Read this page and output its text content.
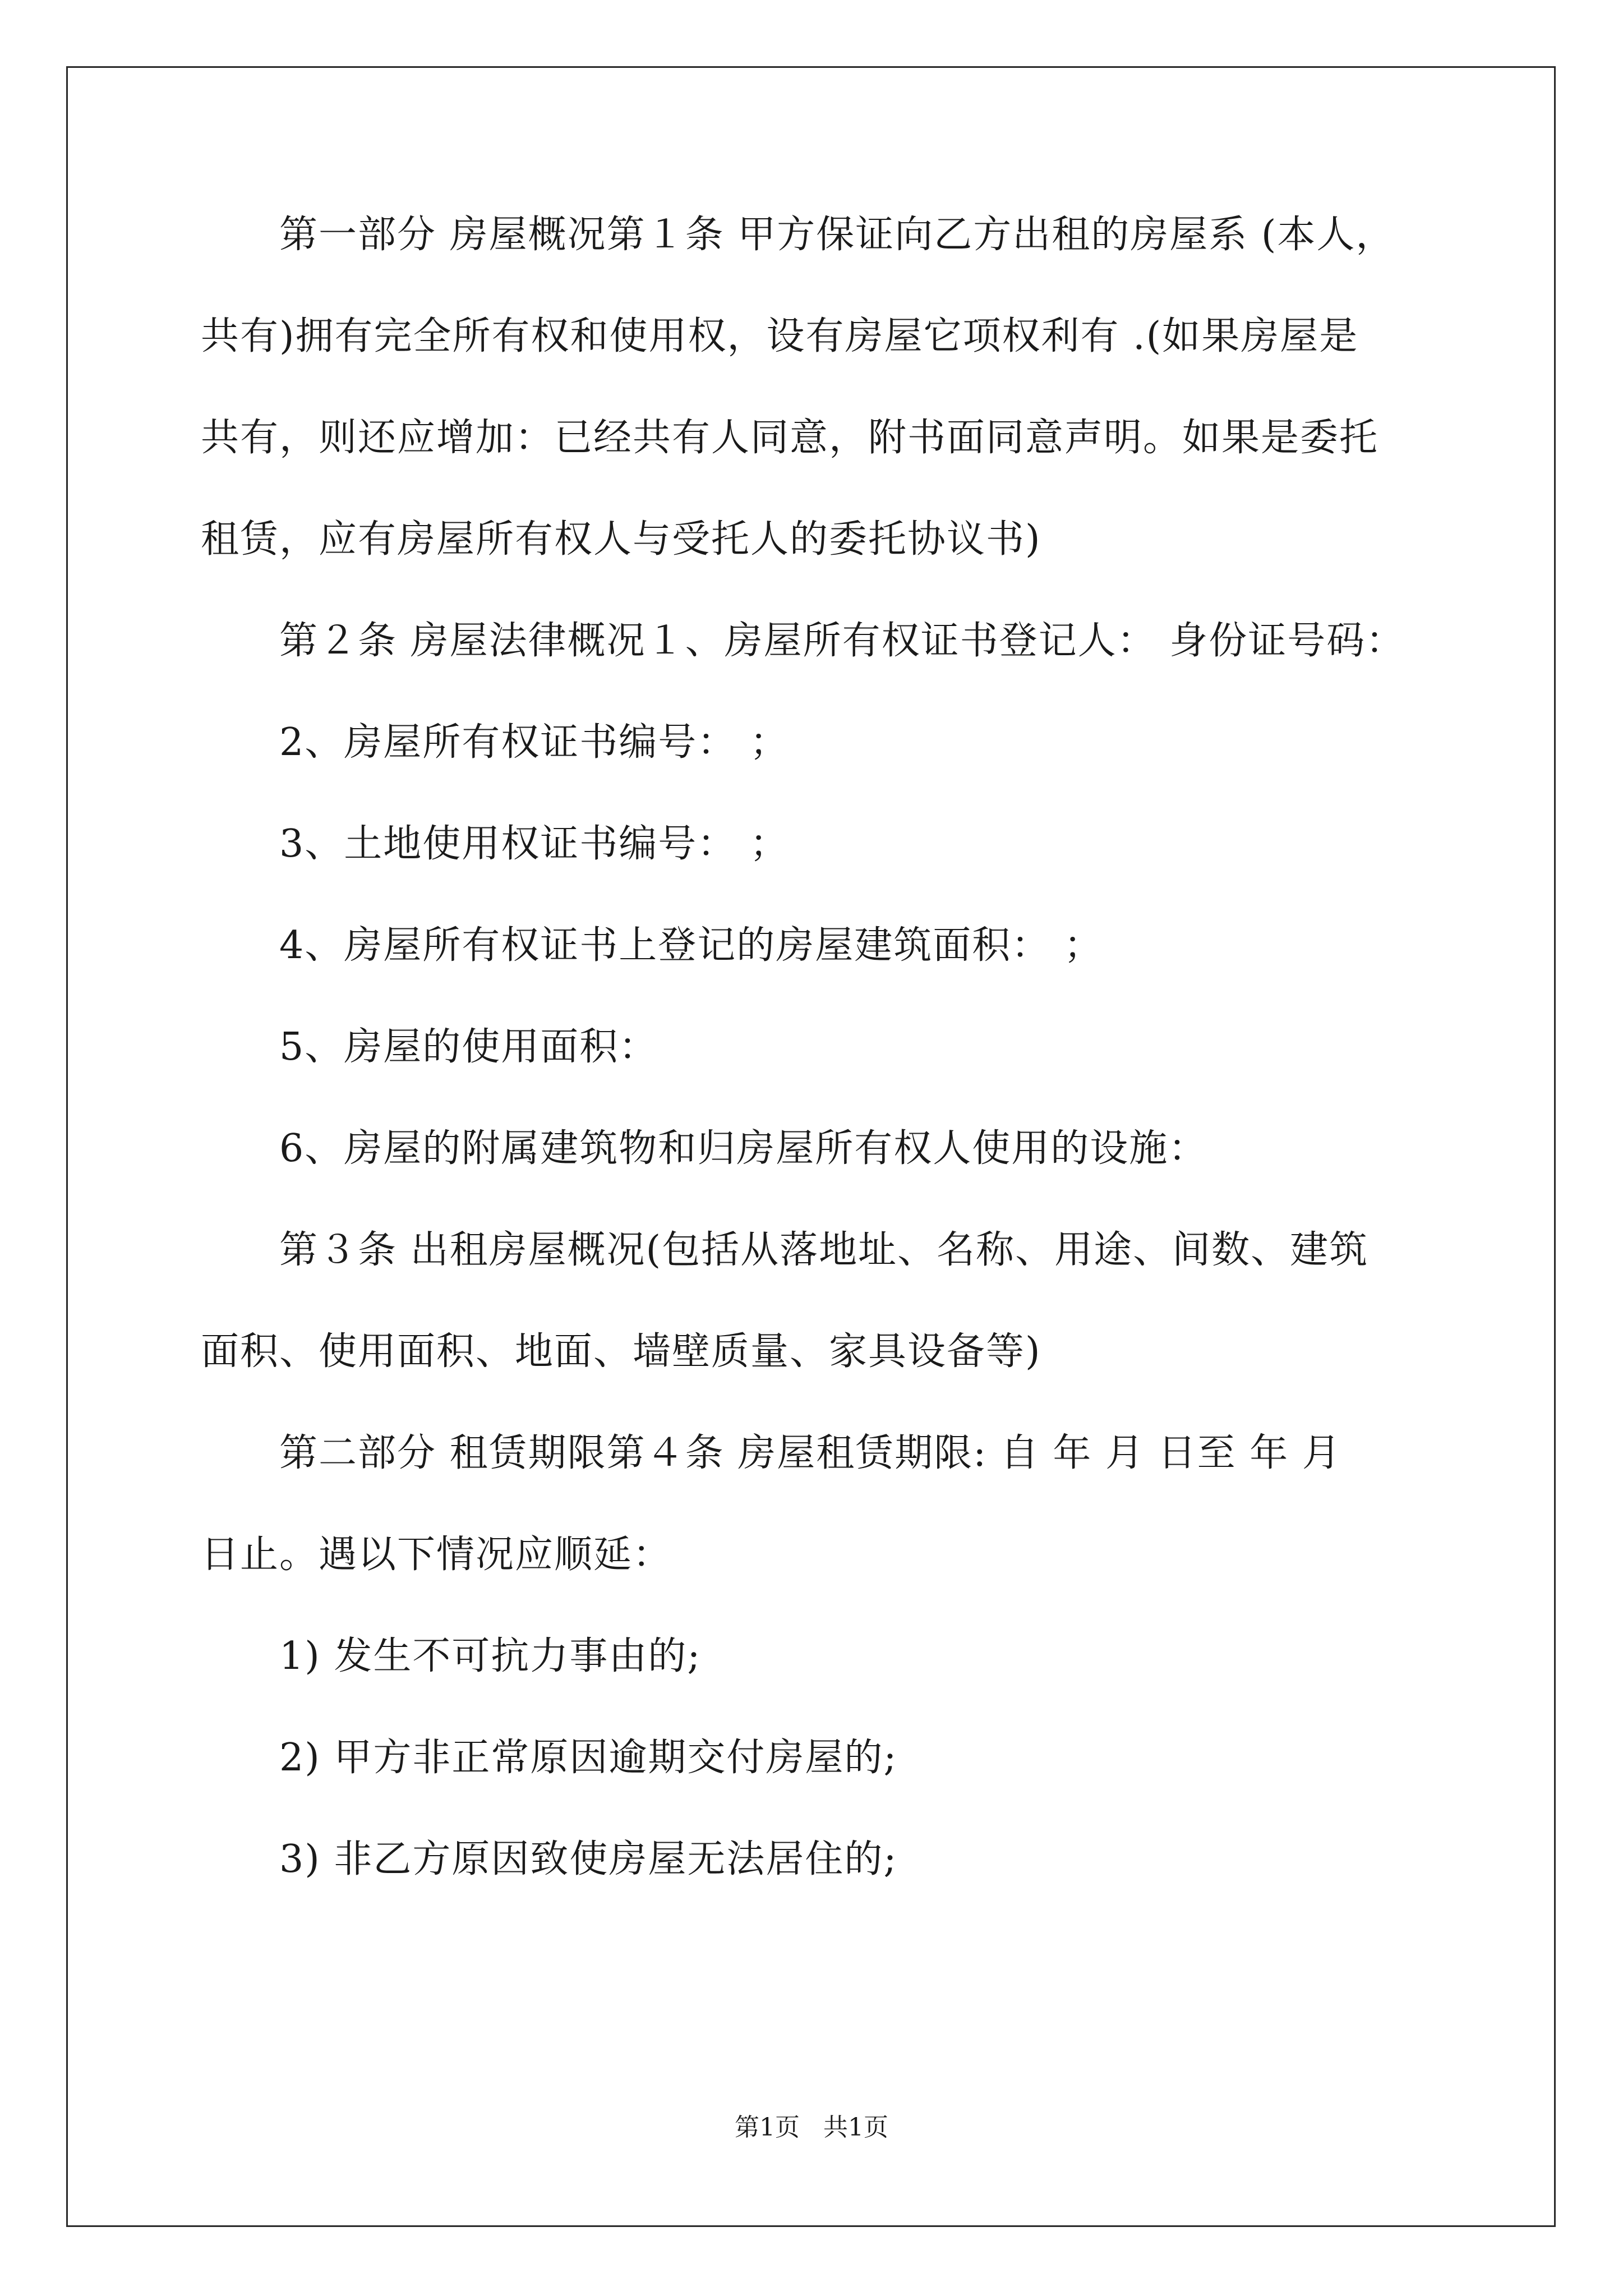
第一部分 房屋概况第１条 甲方保证向乙方出租的房屋系 (本人，
共有)拥有完全所有权和使用权，设有房屋它项权利有 .(如果房屋是
共有，则还应增加：已经共有人同意，附书面同意声明。如果是委托
租赁，应有房屋所有权人与受托人的委托协议书)
第２条 房屋法律概况１、房屋所有权证书登记人： 身份证号码：
2、房屋所有权证书编号： ；
3、土地使用权证书编号： ；
4、房屋所有权证书上登记的房屋建筑面积： ；
5、房屋的使用面积：
6、房屋的附属建筑物和归房屋所有权人使用的设施：
第３条 出租房屋概况(包括从落地址、名称、用途、间数、建筑
面积、使用面积、地面、墙壁质量、家具设备等)
第二部分 租赁期限第４条 房屋租赁期限: 自 年 月 日至 年 月
日止。遇以下情况应顺延：
1) 发生不可抗力事由的;
2) 甲方非正常原因逾期交付房屋的;
3) 非乙方原因致使房屋无法居住的;
第1页   共1页
